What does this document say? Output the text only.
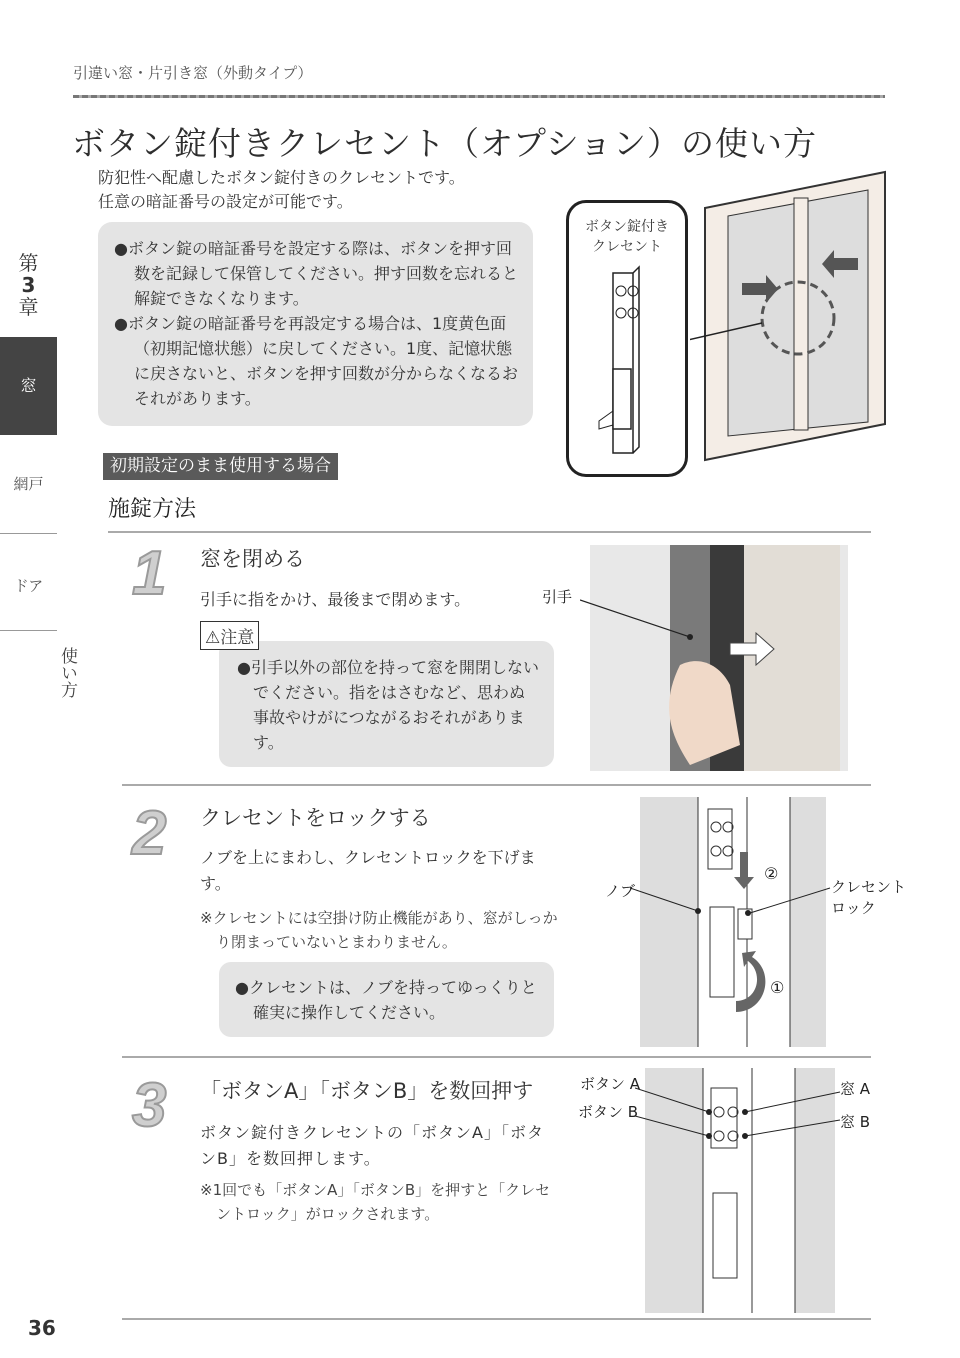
引違い窓・片引き窓（外動タイプ）
ボタン錠付きクレセント（オプション）の使い方
防犯性へ配慮したボタン錠付きのクレセントです。
任意の暗証番号の設定が可能です。

●ボタン錠の暗証番号を設定する際は、ボタンを押す回数を記録して保管してください。押す回数を忘れると解錠できなくなります。

●ボタン錠の暗証番号を再設定する場合は、1度黄色面（初期記憶状態）に戻してください。1度、記憶状態に戻さないと、ボタンを押す回数が分からなくなるおそれがあります。

ボタン錠付き
クレセント
第
3
章
窓
網戸
ドア
使い方
初期設定のまま使用する場合
施錠方法
1 窓を閉める
引手に指をかけ、最後まで閉めます。
⚠注意
●引手以外の部位を持って窓を開閉しないでください。指をはさむなど、思わぬ事故やけがにつながるおそれがあります。
引手
2 クレセントをロックする
ノブを上にまわし、クレセントロックを下げます。
※クレセントには空掛け防止機能があり、窓がしっかり閉まっていないとまわりません。
●クレセントは、ノブを持ってゆっくりと確実に操作してください。
ノブ	クレセント
ロック
②
①
3 「ボタンA」「ボタンB」を数回押す
ボタン錠付きクレセントの「ボタンA」「ボタンB」を数回押します。
※1回でも「ボタンA」「ボタンB」を押すと「クレセントロック」がロックされます。
ボタン A
ボタン B
窓 A
窓 B
36
